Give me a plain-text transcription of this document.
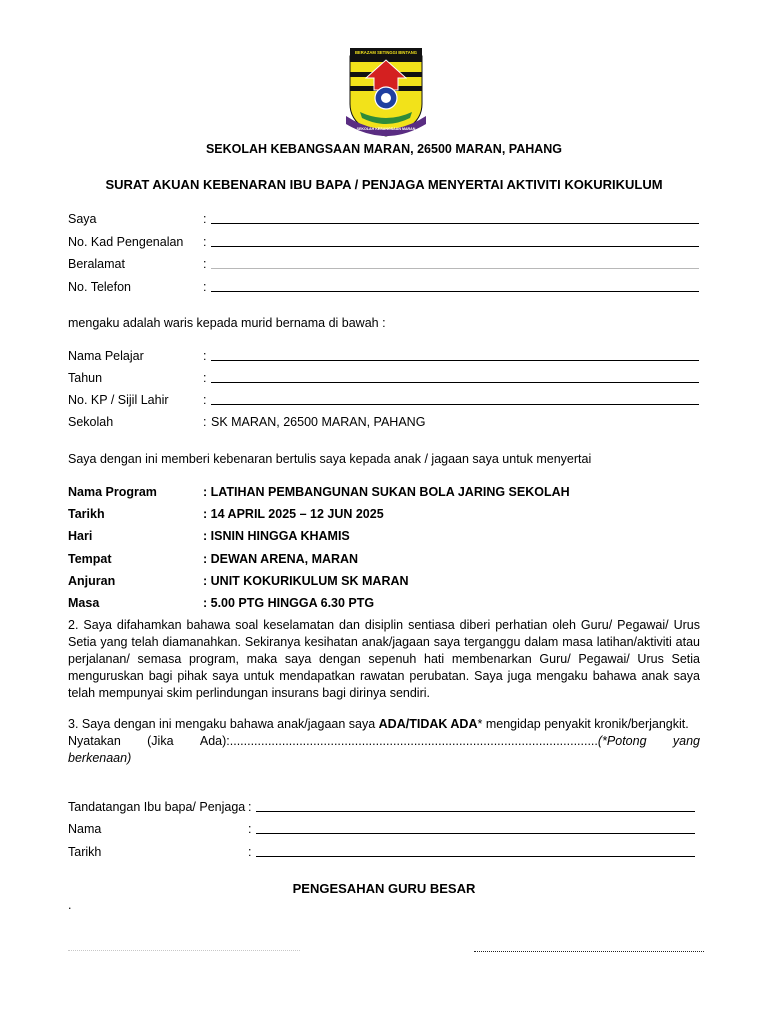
BERAZAM SETINGGI BINTANG
SEKOLAH KEBANGSAAN MARAN
SEKOLAH KEBANGSAAN MARAN, 26500 MARAN, PAHANG
SURAT AKUAN KEBENARAN IBU BAPA / PENJAGA MENYERTAI AKTIVITI KOKURIKULUM
Saya	:
No. Kad Pengenalan :
Beralamat	:
No. Telefon	:
mengaku adalah waris kepada murid bernama di bawah :
Nama Pelajar	:
Tahun	:
No. KP / Sijil Lahir	:
Sekolah	: SK MARAN, 26500 MARAN, PAHANG
Saya dengan ini memberi kebenaran bertulis saya kepada anak / jagaan saya untuk menyertai
Nama Program	: LATIHAN PEMBANGUNAN SUKAN BOLA JARING SEKOLAH
Tarikh	: 14 APRIL 2025 – 12 JUN 2025
Hari	: ISNIN HINGGA KHAMIS
Tempat	: DEWAN ARENA, MARAN
Anjuran	: UNIT KOKURIKULUM SK MARAN
Masa	: 5.00 PTG HINGGA 6.30 PTG
2. Saya difahamkan bahawa soal keselamatan dan disiplin sentiasa diberi perhatian oleh Guru/ Pegawai/ Urus Setia yang telah diamanahkan. Sekiranya kesihatan anak/jagaan saya terganggu dalam masa latihan/aktiviti atau perjalanan/ semasa program, maka saya dengan sepenuh hati membenarkan Guru/ Pegawai/ Urus Setia menguruskan bagi pihak saya untuk mendapatkan rawatan perubatan. Saya juga mengaku bahawa anak saya telah mempunyai skim perlindungan insurans bagi dirinya sendiri.
3. Saya dengan ini mengaku bahawa anak/jagaan saya ADA/TIDAK ADA* mengidap penyakit kronik/berjangkit.
Nyatakan (Jika Ada):..........................................................................................................(*Potong yang
berkenaan)
Tandatangan Ibu bapa/ Penjaga :
Nama	:
Tarikh	:
PENGESAHAN GURU BESAR
.
